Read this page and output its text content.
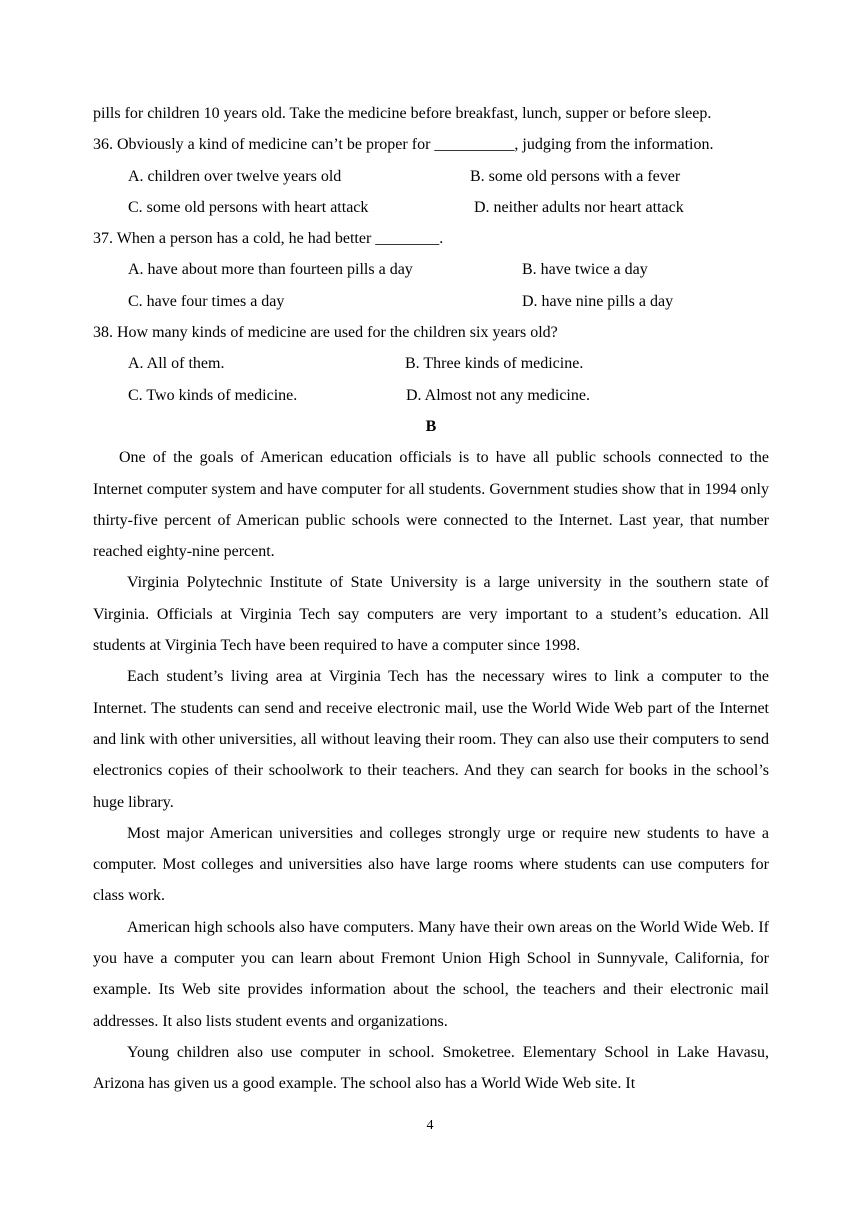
pills for children 10 years old. Take the medicine before breakfast, lunch, supper or before sleep.

36. Obviously a kind of medicine can’t be proper for __________, judging from the information.

A. children over twelve years old	B. some old persons with a fever
C. some old persons with heart attack	D. neither adults nor heart attack

37. When a person has a cold, he had better ________.

A. have about more than fourteen pills a day	B. have twice a day
C. have four times a day	D. have nine pills a day

38. How many kinds of medicine are used for the children six years old?

A. All of them.	B. Three kinds of medicine.
C. Two kinds of medicine.	D. Almost not any medicine.

B

One of the goals of American education officials is to have all public schools connected to the Internet computer system and have computer for all students. Government studies show that in 1994 only thirty-five percent of American public schools were connected to the Internet. Last year, that number reached eighty-nine percent.

Virginia Polytechnic Institute of State University is a large university in the southern state of Virginia. Officials at Virginia Tech say computers are very important to a student’s education. All students at Virginia Tech have been required to have a computer since 1998.

Each student’s living area at Virginia Tech has the necessary wires to link a computer to the Internet. The students can send and receive electronic mail, use the World Wide Web part of the Internet and link with other universities, all without leaving their room. They can also use their computers to send electronics copies of their schoolwork to their teachers. And they can search for books in the school’s huge library.

Most major American universities and colleges strongly urge or require new students to have a computer. Most colleges and universities also have large rooms where students can use computers for class work.

American high schools also have computers. Many have their own areas on the World Wide Web. If you have a computer you can learn about Fremont Union High School in Sunnyvale, California, for example. Its Web site provides information about the school, the teachers and their electronic mail addresses. It also lists student events and organizations.

Young children also use computer in school. Smoketree. Elementary School in Lake Havasu, Arizona has given us a good example. The school also has a World Wide Web site. It

4
